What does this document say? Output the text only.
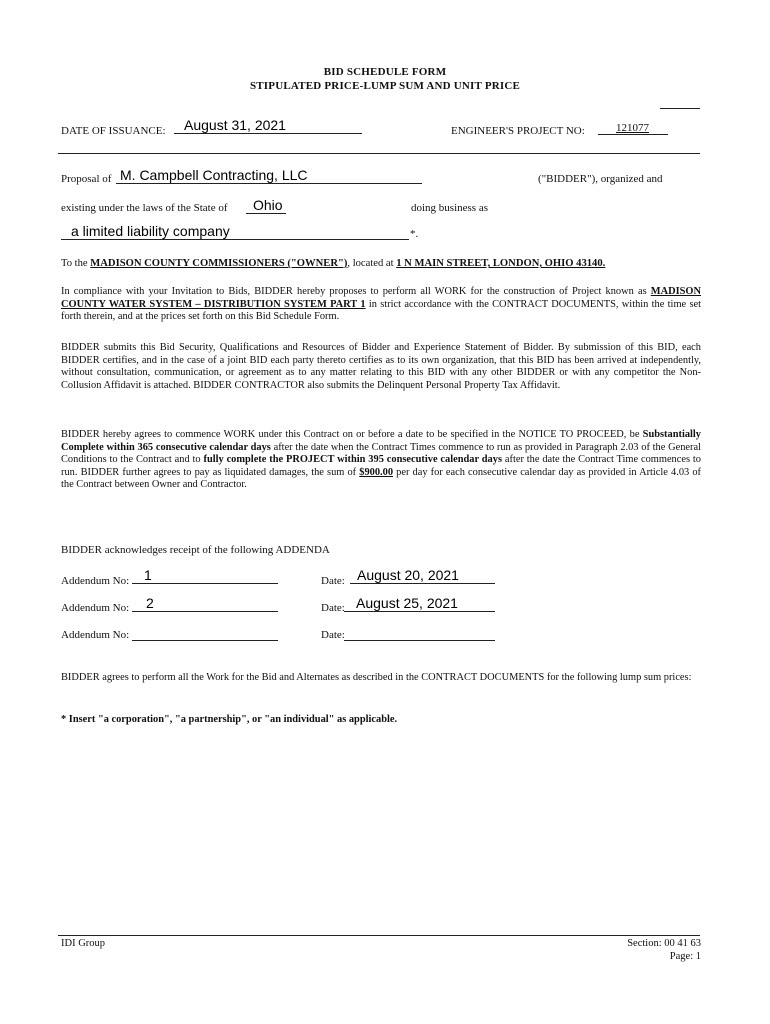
BID SCHEDULE FORM
STIPULATED PRICE-LUMP SUM AND UNIT PRICE
DATE OF ISSUANCE: August 31, 2021	ENGINEER'S PROJECT NO:	121077
Proposal of M. Campbell Contracting, LLC	("BIDDER"), organized and
existing under the laws of the State of Ohio	doing business as
a limited liability company	*.
To the MADISON COUNTY COMMISSIONERS ("OWNER"), located at 1 N MAIN STREET, LONDON, OHIO 43140.
In compliance with your Invitation to Bids, BIDDER hereby proposes to perform all WORK for the construction of Project known as MADISON COUNTY WATER SYSTEM – DISTRIBUTION SYSTEM PART 1 in strict accordance with the CONTRACT DOCUMENTS, within the time set forth therein, and at the prices set forth on this Bid Schedule Form.
BIDDER submits this Bid Security, Qualifications and Resources of Bidder and Experience Statement of Bidder. By submission of this BID, each BIDDER certifies, and in the case of a joint BID each party thereto certifies as to its own organization, that this BID has been arrived at independently, without consultation, communication, or agreement as to any matter relating to this BID with any other BIDDER or with any competitor the Non-Collusion Affidavit is attached. BIDDER CONTRACTOR also submits the Delinquent Personal Property Tax Affidavit.
BIDDER hereby agrees to commence WORK under this Contract on or before a date to be specified in the NOTICE TO PROCEED, be Substantially Complete within 365 consecutive calendar days after the date when the Contract Times commence to run as provided in Paragraph 2.03 of the General Conditions to the Contract and to fully complete the PROJECT within 395 consecutive calendar days after the date the Contract Time commences to run. BIDDER further agrees to pay as liquidated damages, the sum of $900.00 per day for each consecutive calendar day as provided in Article 4.03 of the Contract between Owner and Contractor.
BIDDER acknowledges receipt of the following ADDENDA
Addendum No: 1	Date: August 20, 2021
Addendum No: 2	Date: August 25, 2021
Addendum No:	Date:
BIDDER agrees to perform all the Work for the Bid and Alternates as described in the CONTRACT DOCUMENTS for the following lump sum prices:
* Insert "a corporation", "a partnership", or "an individual" as applicable.
IDI Group	Section: 00 41 63
Page: 1
